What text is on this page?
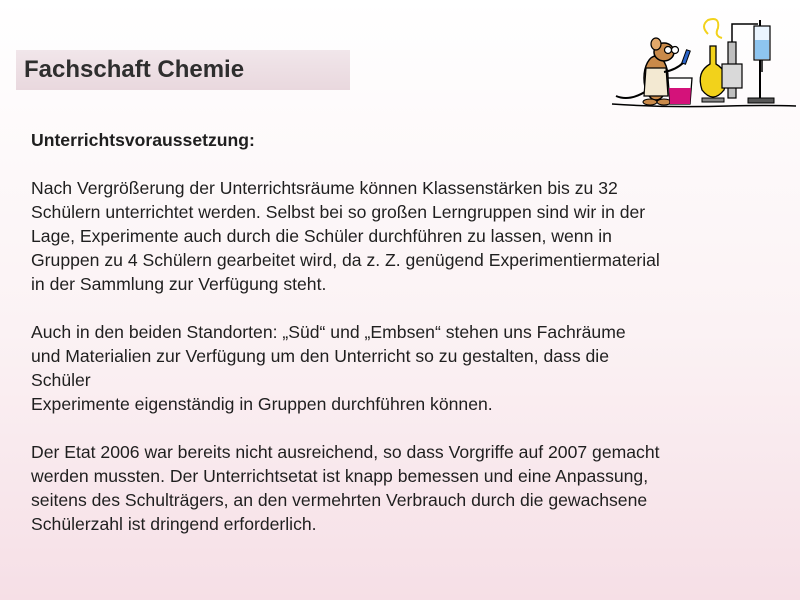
Fachschaft Chemie
Unterrichtsvoraussetzung:

Nach Vergrößerung der Unterrichtsräume können Klassenstärken bis zu 32
Schülern unterrichtet werden. Selbst bei so großen Lerngruppen sind wir in der
Lage, Experimente auch durch die Schüler durchführen zu lassen, wenn in
Gruppen zu 4 Schülern gearbeitet wird, da z. Z. genügend Experimentiermaterial
in der Sammlung zur Verfügung steht.

Auch in den beiden Standorten: „Süd“ und „Embsen“ stehen uns Fachräume
und Materialien zur Verfügung um den Unterricht so zu gestalten, dass die
Schüler
Experimente eigenständig in Gruppen durchführen können.

Der Etat 2006 war bereits nicht ausreichend, so dass Vorgriffe auf 2007 gemacht
werden mussten. Der Unterrichtsetat ist knapp bemessen und eine Anpassung,
seitens des Schulträgers, an den vermehrten Verbrauch durch die gewachsene
Schülerzahl ist dringend erforderlich.
